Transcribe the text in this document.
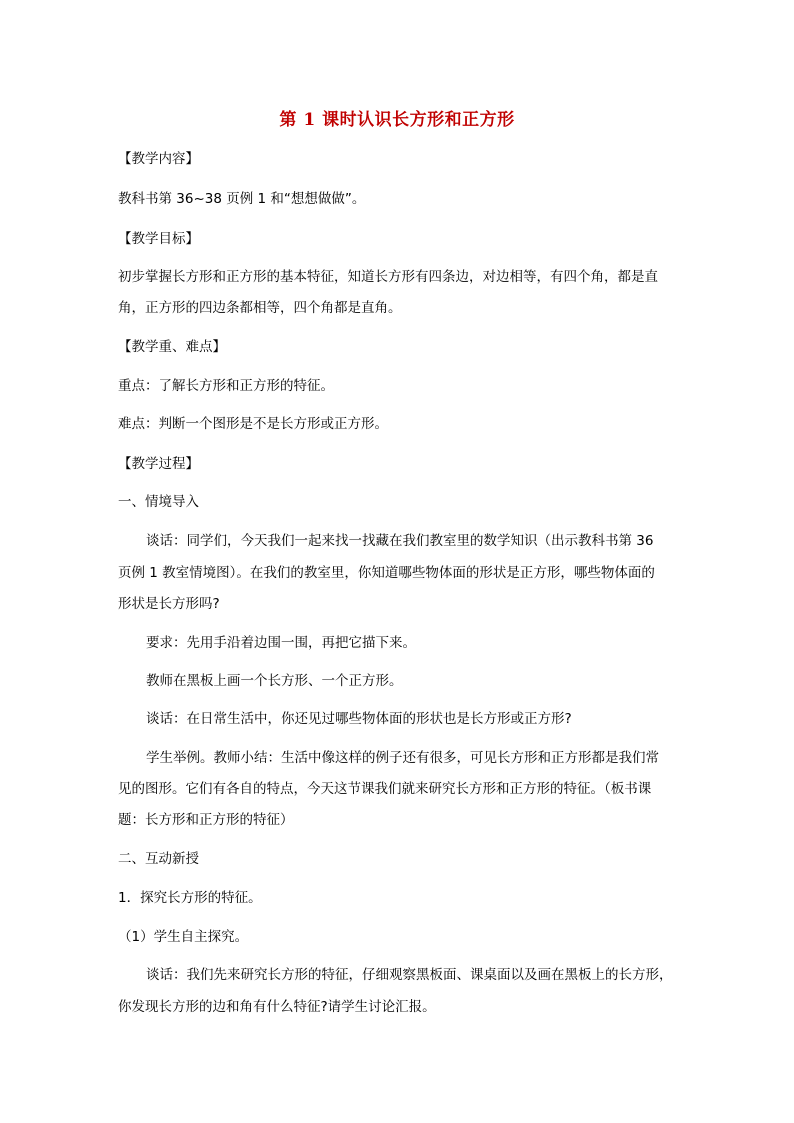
第 1 课时认识长方形和正方形
【教学内容】
教科书第 36~38 页例 1 和“想想做做”。
【教学目标】
初步掌握长方形和正方形的基本特征，知道长方形有四条边，对边相等，有四个角，都是直
角，正方形的四边条都相等，四个角都是直角。
【教学重、难点】
重点：了解长方形和正方形的特征。
难点：判断一个图形是不是长方形或正方形。
【教学过程】
一、情境导入
谈话：同学们，今天我们一起来找一找藏在我们教室里的数学知识（出示教科书第 36
页例 1 教室情境图）。在我们的教室里，你知道哪些物体面的形状是正方形，哪些物体面的
形状是长方形吗?
要求：先用手沿着边围一围，再把它描下来。
教师在黑板上画一个长方形、一个正方形。
谈话：在日常生活中，你还见过哪些物体面的形状也是长方形或正方形?
学生举例。教师小结：生活中像这样的例子还有很多，可见长方形和正方形都是我们常
见的图形。它们有各自的特点，今天这节课我们就来研究长方形和正方形的特征。（板书课
题：长方形和正方形的特征）
二、互动新授
1．探究长方形的特征。
（1）学生自主探究。
谈话：我们先来研究长方形的特征，仔细观察黑板面、课桌面以及画在黑板上的长方形，
你发现长方形的边和角有什么特征?请学生讨论汇报。
